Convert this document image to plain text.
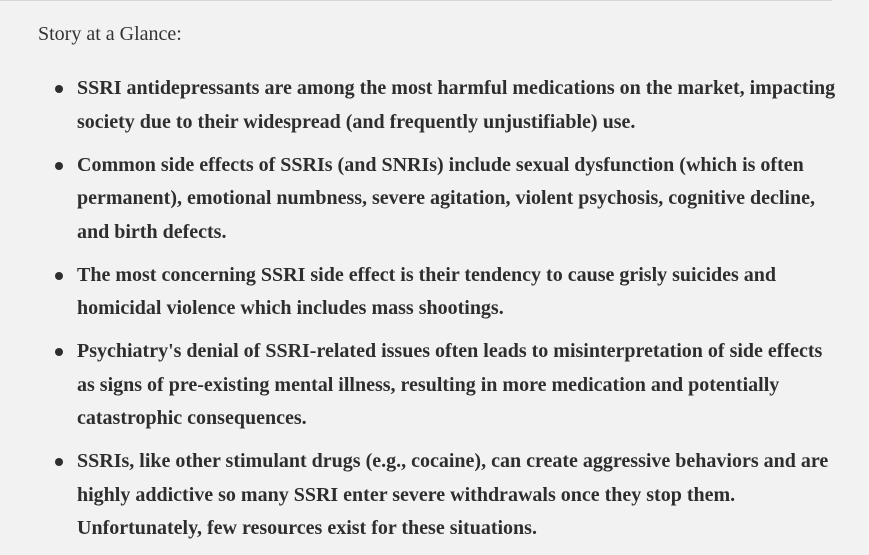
Story at a Glance:
SSRI antidepressants are among the most harmful medications on the market, impacting society due to their widespread (and frequently unjustifiable) use.
Common side effects of SSRIs (and SNRIs) include sexual dysfunction (which is often permanent), emotional numbness, severe agitation, violent psychosis, cognitive decline, and birth defects.
The most concerning SSRI side effect is their tendency to cause grisly suicides and homicidal violence which includes mass shootings.
Psychiatry's denial of SSRI-related issues often leads to misinterpretation of side effects as signs of pre-existing mental illness, resulting in more medication and potentially catastrophic consequences.
SSRIs, like other stimulant drugs (e.g., cocaine), can create aggressive behaviors and are highly addictive so many SSRI enter severe withdrawals once they stop them. Unfortunately, few resources exist for these situations.
